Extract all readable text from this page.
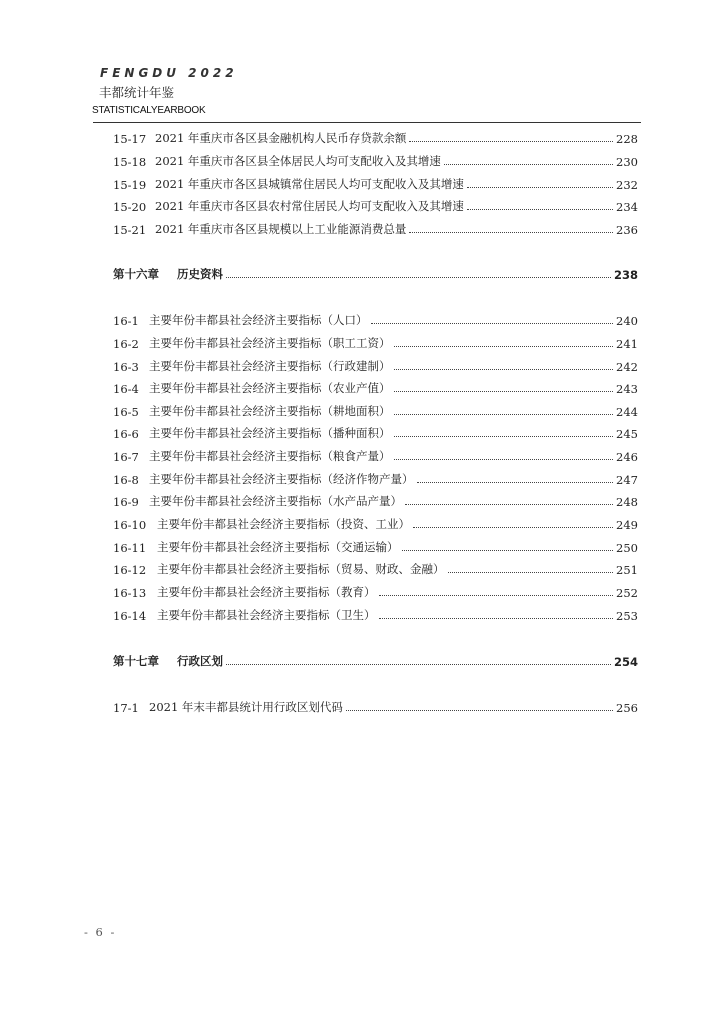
FENGDU 2022
丰都统计年鉴
STATISTICALYEARBOOK
15-17 2021 年重庆市各区县金融机构人民币存贷款余额	228
15-18 2021 年重庆市各区县全体居民人均可支配收入及其增速	230
15-19 2021 年重庆市各区县城镇常住居民人均可支配收入及其增速	232
15-20 2021 年重庆市各区县农村常住居民人均可支配收入及其增速	234
15-21 2021 年重庆市各区县规模以上工业能源消费总量	236
第十六章	历史资料	238
16-1 主要年份丰都县社会经济主要指标（人口）	240
16-2 主要年份丰都县社会经济主要指标（职工工资）	241
16-3 主要年份丰都县社会经济主要指标（行政建制）	242
16-4 主要年份丰都县社会经济主要指标（农业产值）	243
16-5 主要年份丰都县社会经济主要指标（耕地面积）	244
16-6 主要年份丰都县社会经济主要指标（播种面积）	245
16-7 主要年份丰都县社会经济主要指标（粮食产量）	246
16-8 主要年份丰都县社会经济主要指标（经济作物产量）	247
16-9 主要年份丰都县社会经济主要指标（水产品产量）	248
16-10 主要年份丰都县社会经济主要指标（投资、工业）	249
16-11 主要年份丰都县社会经济主要指标（交通运输）	250
16-12 主要年份丰都县社会经济主要指标（贸易、财政、金融）	251
16-13 主要年份丰都县社会经济主要指标（教育）	252
16-14 主要年份丰都县社会经济主要指标（卫生）	253
第十七章	行政区划	254
17-1 2021 年末丰都县统计用行政区划代码	256
- 6 -
